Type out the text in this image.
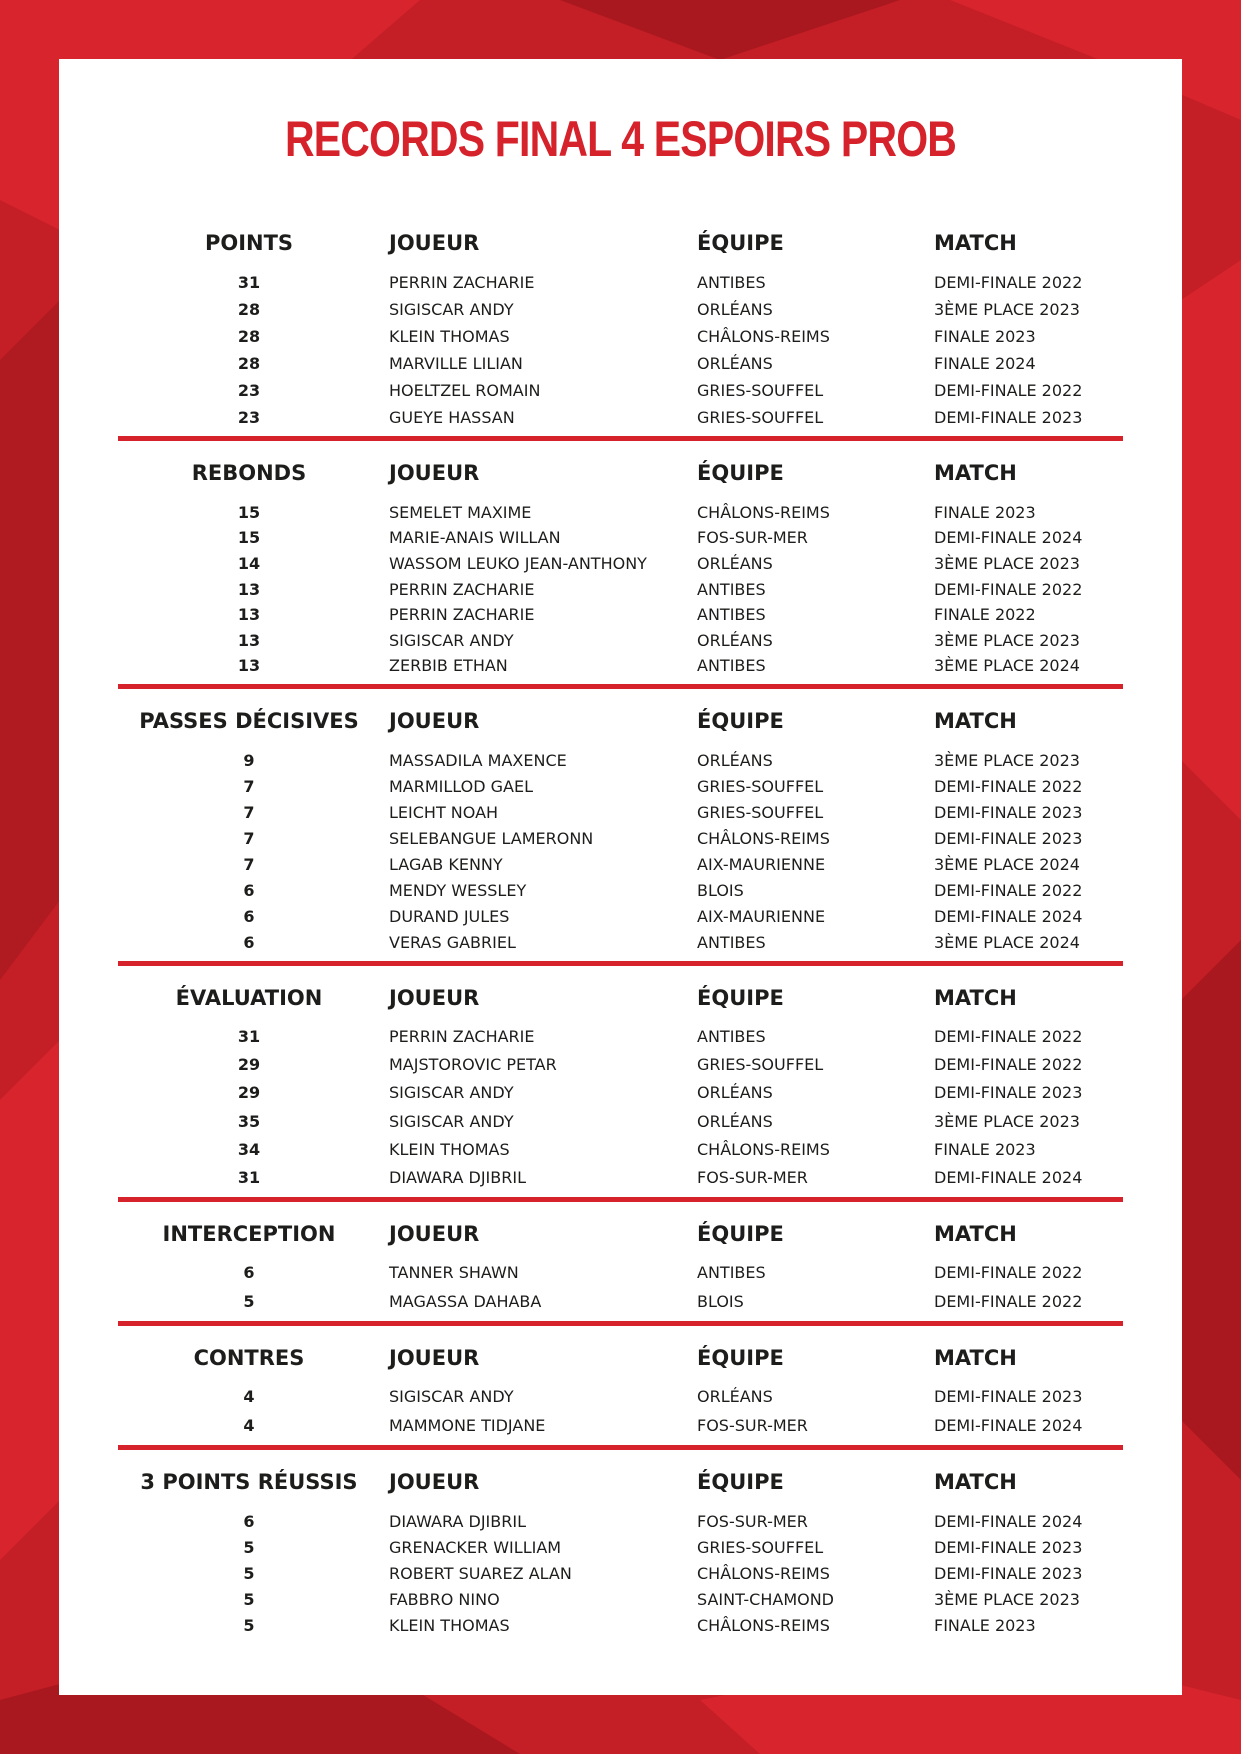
RECORDS FINAL 4 ESPOIRS PROB
POINTS	JOUEUR	ÉQUIPE	MATCH
31	PERRIN ZACHARIE	ANTIBES	DEMI-FINALE 2022
28	SIGISCAR ANDY	ORLÉANS	3ÈME PLACE 2023
28	KLEIN THOMAS	CHÂLONS-REIMS	FINALE 2023
28	MARVILLE LILIAN	ORLÉANS	FINALE 2024
23	HOELTZEL ROMAIN	GRIES-SOUFFEL	DEMI-FINALE 2022
23	GUEYE HASSAN	GRIES-SOUFFEL	DEMI-FINALE 2023
REBONDS	JOUEUR	ÉQUIPE	MATCH
15	SEMELET MAXIME	CHÂLONS-REIMS	FINALE 2023
15	MARIE-ANAIS WILLAN	FOS-SUR-MER	DEMI-FINALE 2024
14	WASSOM LEUKO JEAN-ANTHONY	ORLÉANS	3ÈME PLACE 2023
13	PERRIN ZACHARIE	ANTIBES	DEMI-FINALE 2022
13	PERRIN ZACHARIE	ANTIBES	FINALE 2022
13	SIGISCAR ANDY	ORLÉANS	3ÈME PLACE 2023
13	ZERBIB ETHAN	ANTIBES	3ÈME PLACE 2024
PASSES DÉCISIVES	JOUEUR	ÉQUIPE	MATCH
9	MASSADILA MAXENCE	ORLÉANS	3ÈME PLACE 2023
7	MARMILLOD GAEL	GRIES-SOUFFEL	DEMI-FINALE 2022
7	LEICHT NOAH	GRIES-SOUFFEL	DEMI-FINALE 2023
7	SELEBANGUE LAMERONN	CHÂLONS-REIMS	DEMI-FINALE 2023
7	LAGAB KENNY	AIX-MAURIENNE	3ÈME PLACE 2024
6	MENDY WESSLEY	BLOIS	DEMI-FINALE 2022
6	DURAND JULES	AIX-MAURIENNE	DEMI-FINALE 2024
6	VERAS GABRIEL	ANTIBES	3ÈME PLACE 2024
ÉVALUATION	JOUEUR	ÉQUIPE	MATCH
31	PERRIN ZACHARIE	ANTIBES	DEMI-FINALE 2022
29	MAJSTOROVIC PETAR	GRIES-SOUFFEL	DEMI-FINALE 2022
29	SIGISCAR ANDY	ORLÉANS	DEMI-FINALE 2023
35	SIGISCAR ANDY	ORLÉANS	3ÈME PLACE 2023
34	KLEIN THOMAS	CHÂLONS-REIMS	FINALE 2023
31	DIAWARA DJIBRIL	FOS-SUR-MER	DEMI-FINALE 2024
INTERCEPTION	JOUEUR	ÉQUIPE	MATCH
6	TANNER SHAWN	ANTIBES	DEMI-FINALE 2022
5	MAGASSA DAHABA	BLOIS	DEMI-FINALE 2022
CONTRES	JOUEUR	ÉQUIPE	MATCH
4	SIGISCAR ANDY	ORLÉANS	DEMI-FINALE 2023
4	MAMMONE TIDJANE	FOS-SUR-MER	DEMI-FINALE 2024
3 POINTS RÉUSSIS	JOUEUR	ÉQUIPE	MATCH
6	DIAWARA DJIBRIL	FOS-SUR-MER	DEMI-FINALE 2024
5	GRENACKER WILLIAM	GRIES-SOUFFEL	DEMI-FINALE 2023
5	ROBERT SUAREZ ALAN	CHÂLONS-REIMS	DEMI-FINALE 2023
5	FABBRO NINO	SAINT-CHAMOND	3ÈME PLACE 2023
5	KLEIN THOMAS	CHÂLONS-REIMS	FINALE 2023
